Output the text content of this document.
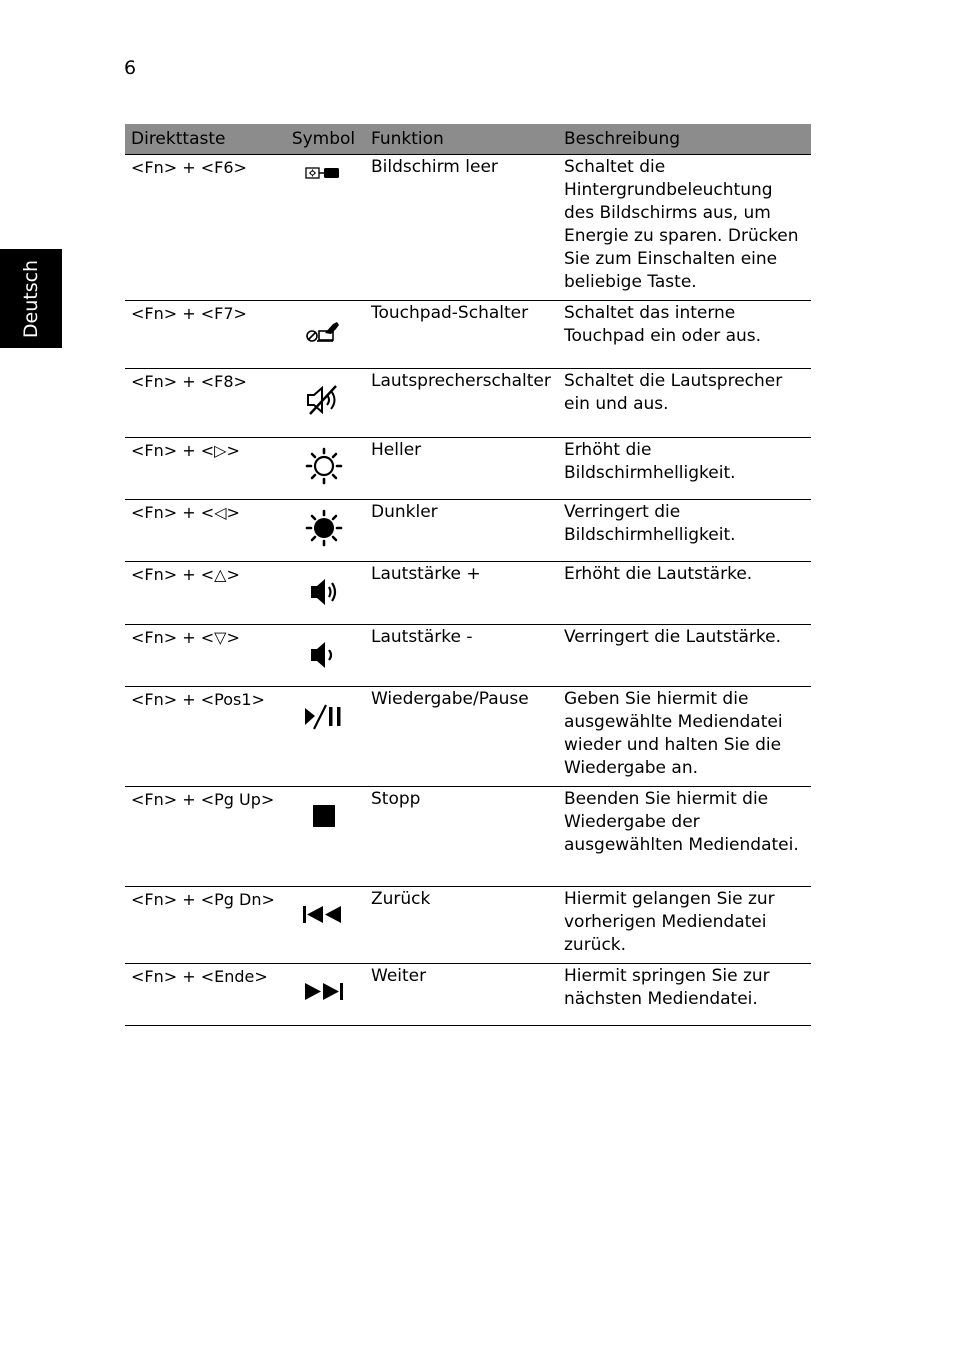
6
Deutsch
Direkttaste	Symbol	Funktion	Beschreibung
<Fn> + <F6>		Bildschirm leer	Schaltet die Hintergrundbeleuchtung des Bildschirms aus, um Energie zu sparen. Drücken Sie zum Einschalten eine beliebige Taste.
<Fn> + <F7>		Touchpad-Schalter	Schaltet das interne Touchpad ein oder aus.
<Fn> + <F8>		Lautsprecherschalter	Schaltet die Lautsprecher ein und aus.
<Fn> + <▷>		Heller	Erhöht die Bildschirmhelligkeit.
<Fn> + <◁>		Dunkler	Verringert die Bildschirmhelligkeit.
<Fn> + <△>		Lautstärke +	Erhöht die Lautstärke.
<Fn> + <▽>		Lautstärke -	Verringert die Lautstärke.
<Fn> + <Pos1>		Wiedergabe/Pause	Geben Sie hiermit die ausgewählte Mediendatei wieder und halten Sie die Wiedergabe an.
<Fn> + <Pg Up>		Stopp	Beenden Sie hiermit die Wiedergabe der ausgewählten Mediendatei.
<Fn> + <Pg Dn>		Zurück	Hiermit gelangen Sie zur vorherigen Mediendatei zurück.
<Fn> + <Ende>		Weiter	Hiermit springen Sie zur nächsten Mediendatei.
